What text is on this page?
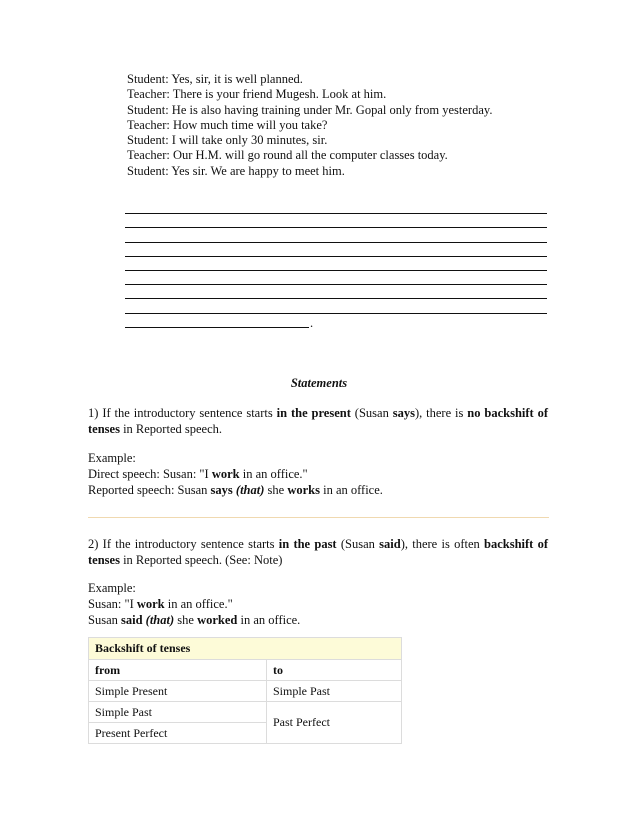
Student: Yes, sir, it is well planned.
Teacher: There is your friend Mugesh. Look at him.
Student: He is also having training under Mr. Gopal only from yesterday.
Teacher: How much time will you take?
Student: I will take only 30 minutes, sir.
Teacher: Our H.M. will go round all the computer classes today.
Student: Yes sir. We are happy to meet him.
.
Statements
1) If the introductory sentence starts in the present (Susan says), there is no backshift of tenses in Reported speech.
Example:
Direct speech: Susan: "I work in an office."
Reported speech: Susan says (that) she works in an office.
2) If the introductory sentence starts in the past (Susan said), there is often backshift of tenses in Reported speech. (See: Note)
Example:
Susan: "I work in an office."
Susan said (that) she worked in an office.
Backshift of tenses	
from	to
Simple Present	Simple Past
Simple Past	Past Perfect
Present Perfect	
